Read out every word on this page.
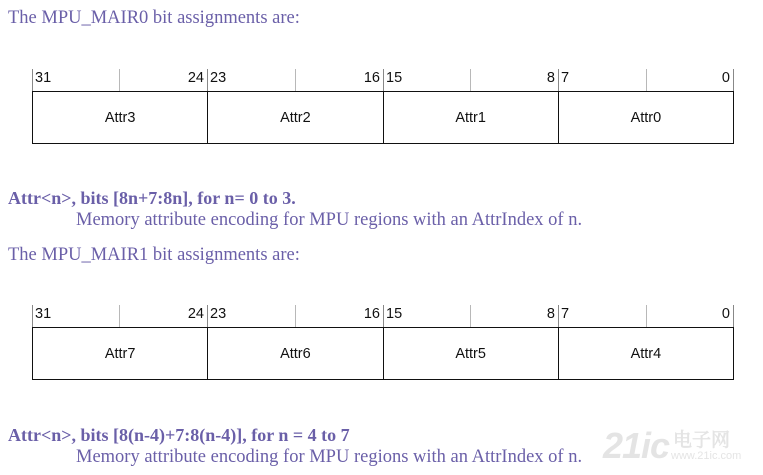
The MPU_MAIR0 bit assignments are:
31	24 23	16 15	8 7	0
Attr3	Attr2	Attr1	Attr0
Attr<n>, bits [8n+7:8n], for n= 0 to 3.
Memory attribute encoding for MPU regions with an AttrIndex of n.
The MPU_MAIR1 bit assignments are:
31	24 23	16 15	8 7	0
Attr7	Attr6	Attr5	Attr4
Attr<n>, bits [8(n-4)+7:8(n-4)], for n = 4 to 7
Memory attribute encoding for MPU regions with an AttrIndex of n. 21ic 电子网
www.21ic.com
